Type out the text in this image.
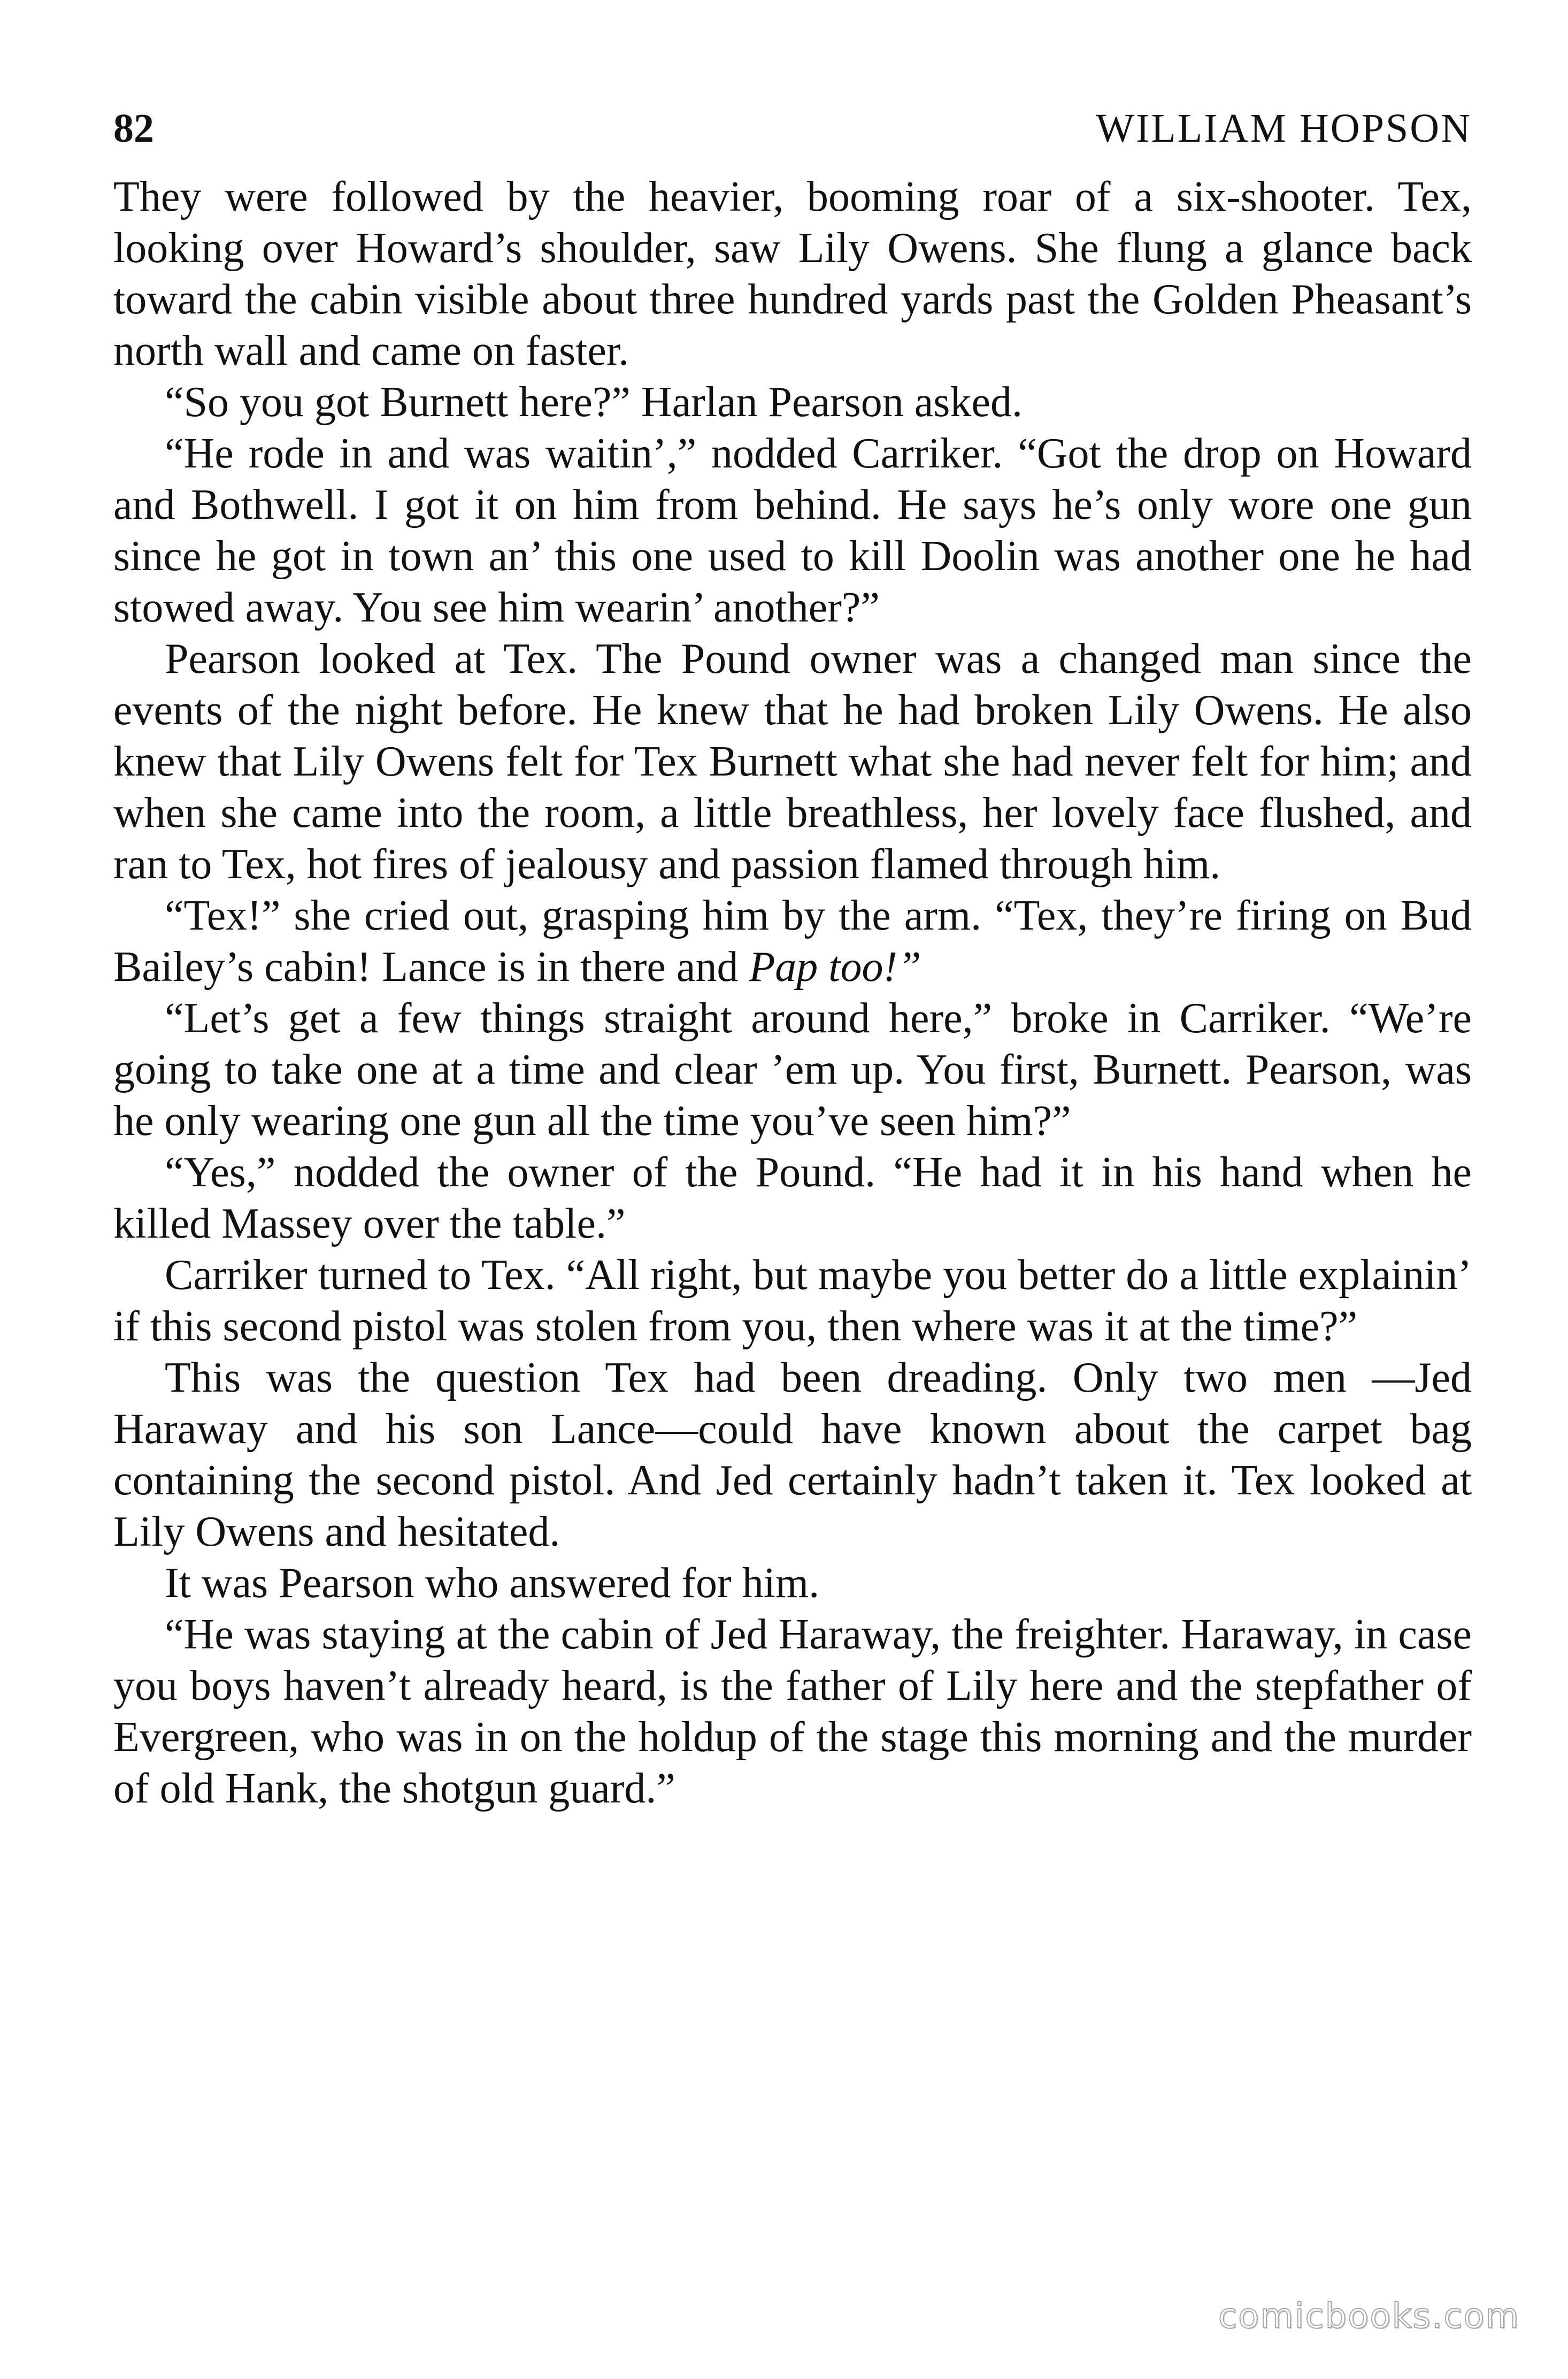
82	WILLIAM HOPSON

They were followed by the heavier, booming roar of a six-shooter. Tex, looking over Howard’s shoulder, saw Lily Owens. She flung a glance back toward the cabin visible about three hundred yards past the Golden Pheasant’s north wall and came on faster.

“So you got Burnett here?” Harlan Pearson asked.

“He rode in and was waitin’,” nodded Carriker. “Got the drop on Howard and Bothwell. I got it on him from behind. He says he’s only wore one gun since he got in town an’ this one used to kill Doolin was another one he had stowed away. You see him wearin’ another?”

Pearson looked at Tex. The Pound owner was a changed man since the events of the night before. He knew that he had broken Lily Owens. He also knew that Lily Owens felt for Tex Burnett what she had never felt for him; and when she came into the room, a little breathless, her lovely face flushed, and ran to Tex, hot fires of jealousy and passion flamed through him.

“Tex!” she cried out, grasping him by the arm. “Tex, they’re firing on Bud Bailey’s cabin! Lance is in there and Pap too!”

“Let’s get a few things straight around here,” broke in Carriker. “We’re going to take one at a time and clear ’em up. You first, Burnett. Pearson, was he only wearing one gun all the time you’ve seen him?”

“Yes,” nodded the owner of the Pound. “He had it in his hand when he killed Massey over the table.”

Carriker turned to Tex. “All right, but maybe you better do a little explainin’ if this second pistol was stolen from you, then where was it at the time?”

This was the question Tex had been dreading. Only two men —Jed Haraway and his son Lance—could have known about the carpet bag containing the second pistol. And Jed certainly hadn’t taken it. Tex looked at Lily Owens and hesitated.

It was Pearson who answered for him.

“He was staying at the cabin of Jed Haraway, the freighter. Haraway, in case you boys haven’t already heard, is the father of Lily here and the stepfather of Evergreen, who was in on the holdup of the stage this morning and the murder of old Hank, the shotgun guard.”

comicbooks.com
